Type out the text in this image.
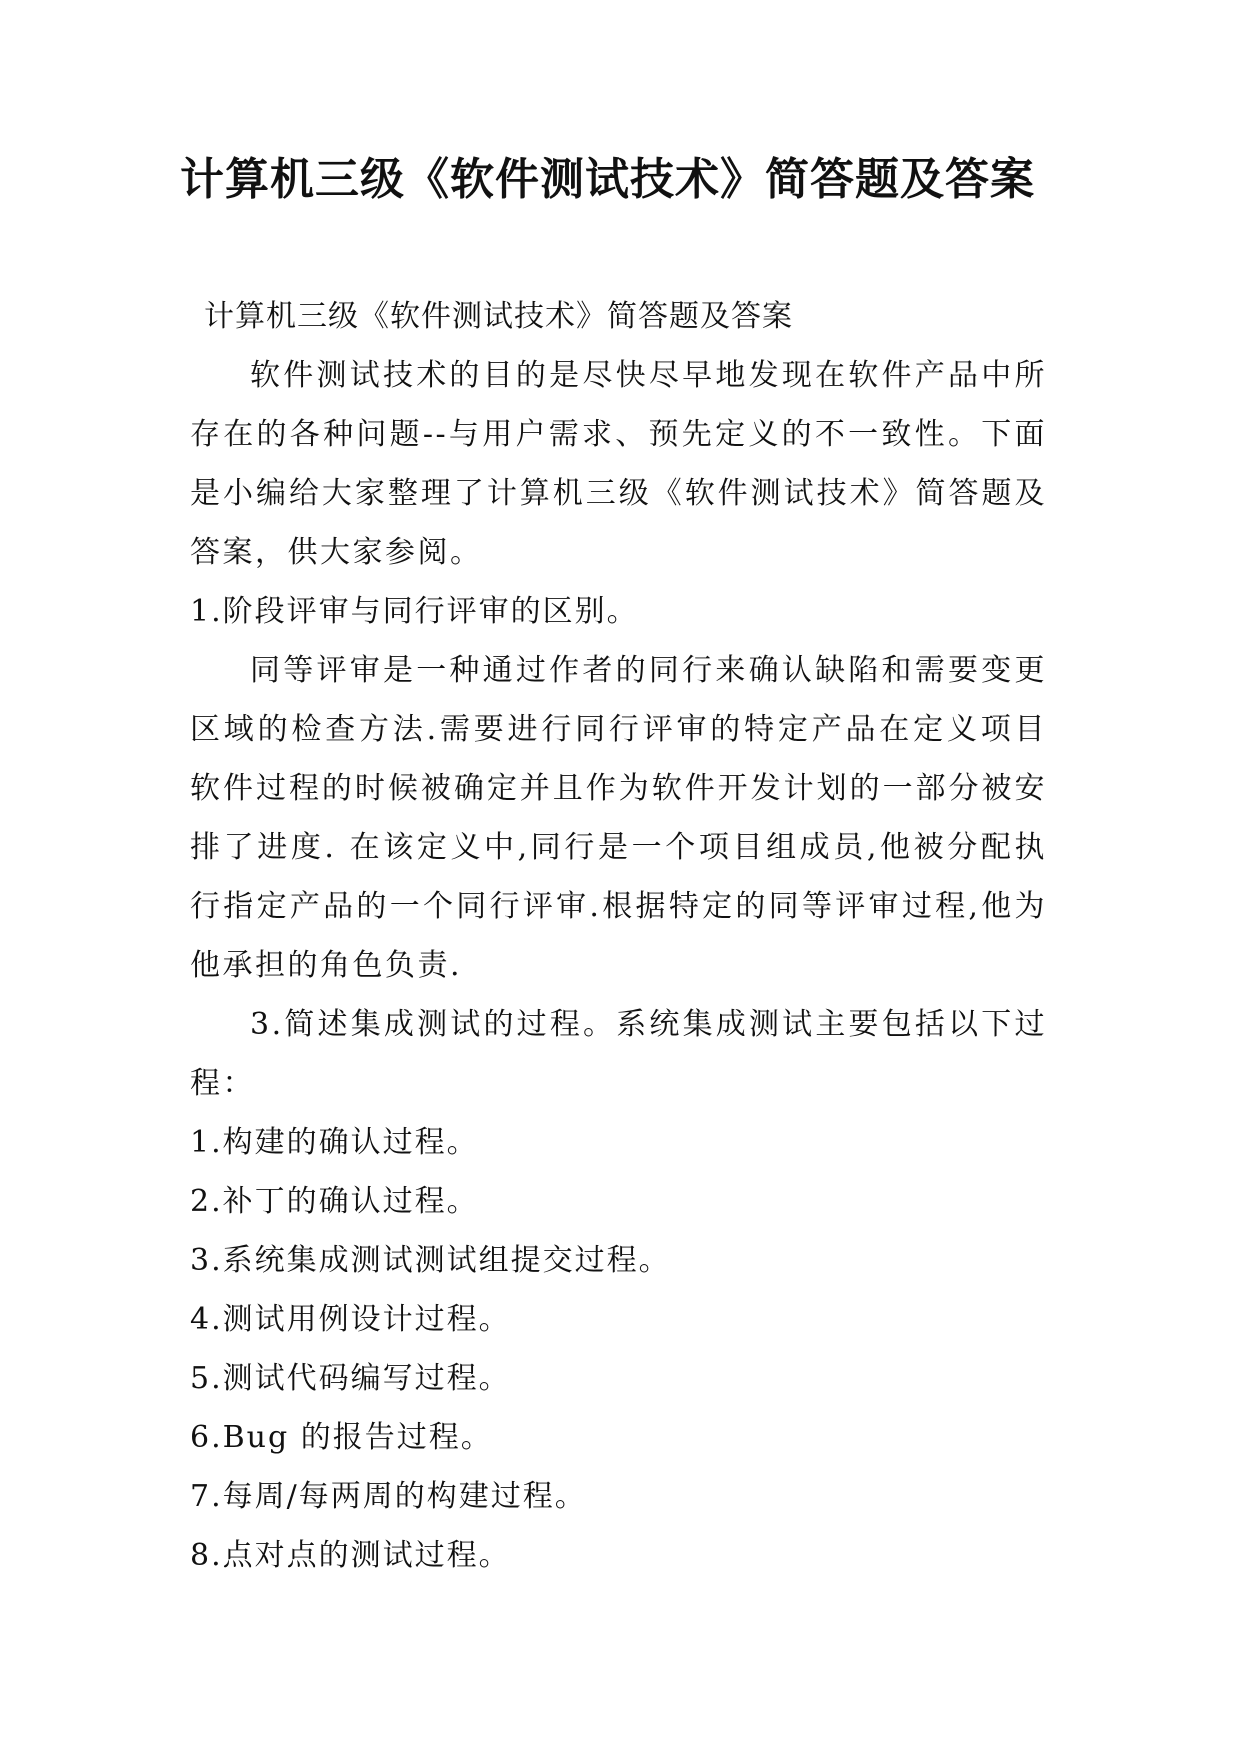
计算机三级《软件测试技术》简答题及答案

计算机三级《软件测试技术》简答题及答案

软件测试技术的目的是尽快尽早地发现在软件产品中所存在的各种问题--与用户需求、预先定义的不一致性。下面是小编给大家整理了计算机三级《软件测试技术》简答题及答案，供大家参阅。

1.阶段评审与同行评审的区别。

同等评审是一种通过作者的同行来确认缺陷和需要变更区域的检查方法.需要进行同行评审的特定产品在定义项目软件过程的时候被确定并且作为软件开发计划的一部分被安排了进度. 在该定义中,同行是一个项目组成员,他被分配执行指定产品的一个同行评审.根据特定的同等评审过程,他为他承担的角色负责.

3.简述集成测试的过程。系统集成测试主要包括以下过程：

1.构建的确认过程。

2.补丁的确认过程。

3.系统集成测试测试组提交过程。

4.测试用例设计过程。

5.测试代码编写过程。

6.Bug 的报告过程。

7.每周/每两周的构建过程。

8.点对点的测试过程。
